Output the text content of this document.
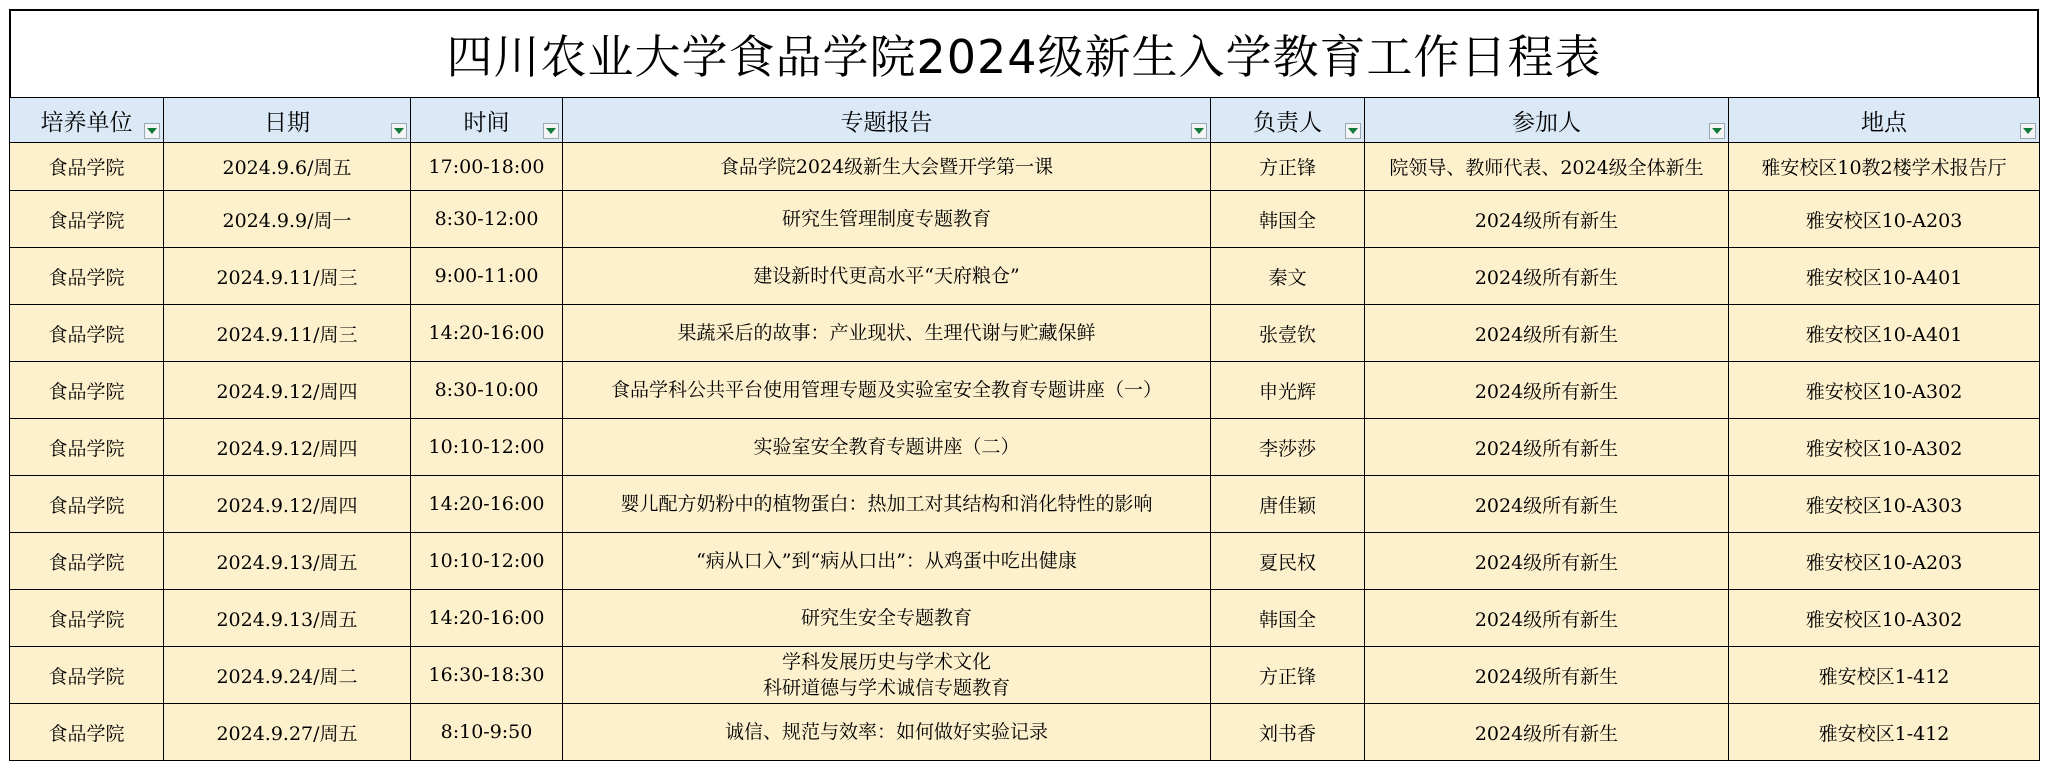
四川农业大学食品学院2024级新生入学教育工作日程表
培养单位	日期	时间	专题报告	负责人	参加人	地点

食品学院	2024.9.6/周五	17:00-18:00	食品学院2024级新生大会暨开学第一课	方正锋	院领导、教师代表、2024级全体新生	雅安校区10教2楼学术报告厅
食品学院	2024.9.9/周一	8:30-12:00	研究生管理制度专题教育	韩国全	2024级所有新生	雅安校区10-A203
食品学院	2024.9.11/周三	9:00-11:00	建设新时代更高水平“天府粮仓”	秦文	2024级所有新生	雅安校区10-A401
食品学院	2024.9.11/周三	14:20-16:00	果蔬采后的故事：产业现状、生理代谢与贮藏保鲜	张壹钦	2024级所有新生	雅安校区10-A401
食品学院	2024.9.12/周四	8:30-10:00	食品学科公共平台使用管理专题及实验室安全教育专题讲座（一）	申光辉	2024级所有新生	雅安校区10-A302
食品学院	2024.9.12/周四	10:10-12:00	实验室安全教育专题讲座（二）	李莎莎	2024级所有新生	雅安校区10-A302
食品学院	2024.9.12/周四	14:20-16:00	婴儿配方奶粉中的植物蛋白：热加工对其结构和消化特性的影响	唐佳颖	2024级所有新生	雅安校区10-A303
食品学院	2024.9.13/周五	10:10-12:00	“病从口入”到“病从口出”：从鸡蛋中吃出健康	夏民权	2024级所有新生	雅安校区10-A203
食品学院	2024.9.13/周五	14:20-16:00	研究生安全专题教育	韩国全	2024级所有新生	雅安校区10-A302
食品学院	2024.9.24/周二	16:30-18:30	学科发展历史与学术文化
科研道德与学术诚信专题教育	方正锋	2024级所有新生	雅安校区1-412
食品学院	2024.9.27/周五	8:10-9:50	诚信、规范与效率：如何做好实验记录	刘书香	2024级所有新生	雅安校区1-412
